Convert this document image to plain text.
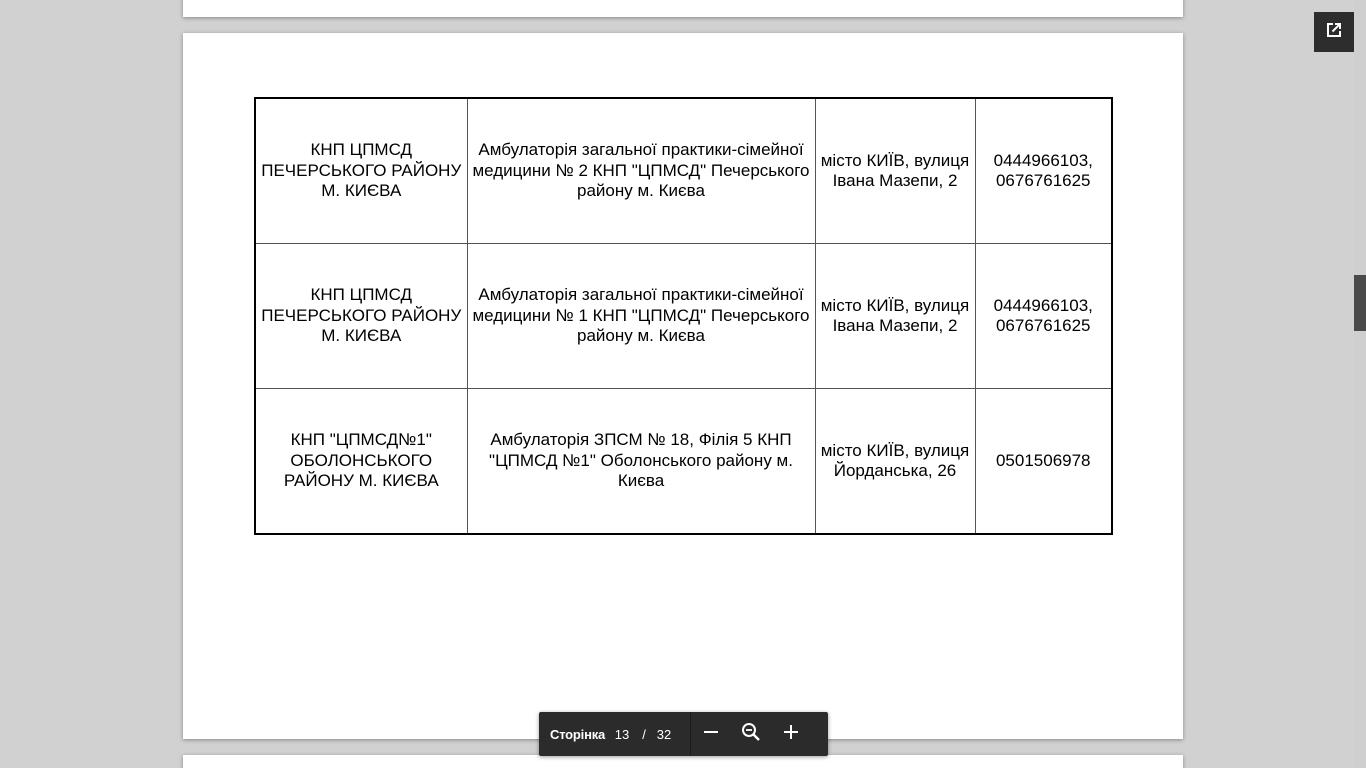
КНП ЦПМСД ПЕЧЕРСЬКОГО РАЙОНУ М. КИЄВА	Амбулаторія загальної практики-сімейної медицини № 2 КНП "ЦПМСД" Печерського району м. Києва	місто КИЇВ, вулиця Івана Мазепи, 2	0444966103, 0676761625
КНП ЦПМСД ПЕЧЕРСЬКОГО РАЙОНУ М. КИЄВА	Амбулаторія загальної практики-сімейної медицини № 1 КНП "ЦПМСД" Печерського району м. Києва	місто КИЇВ, вулиця Івана Мазепи, 2	0444966103, 0676761625
КНП "ЦПМСД№1" ОБОЛОНСЬКОГО РАЙОНУ М. КИЄВА	Амбулаторія ЗПСМ № 18, Філія 5 КНП "ЦПМСД №1" Оболонського району м. Києва	місто КИЇВ, вулиця Йорданська, 26	0501506978
Сторінка 13 / 32
